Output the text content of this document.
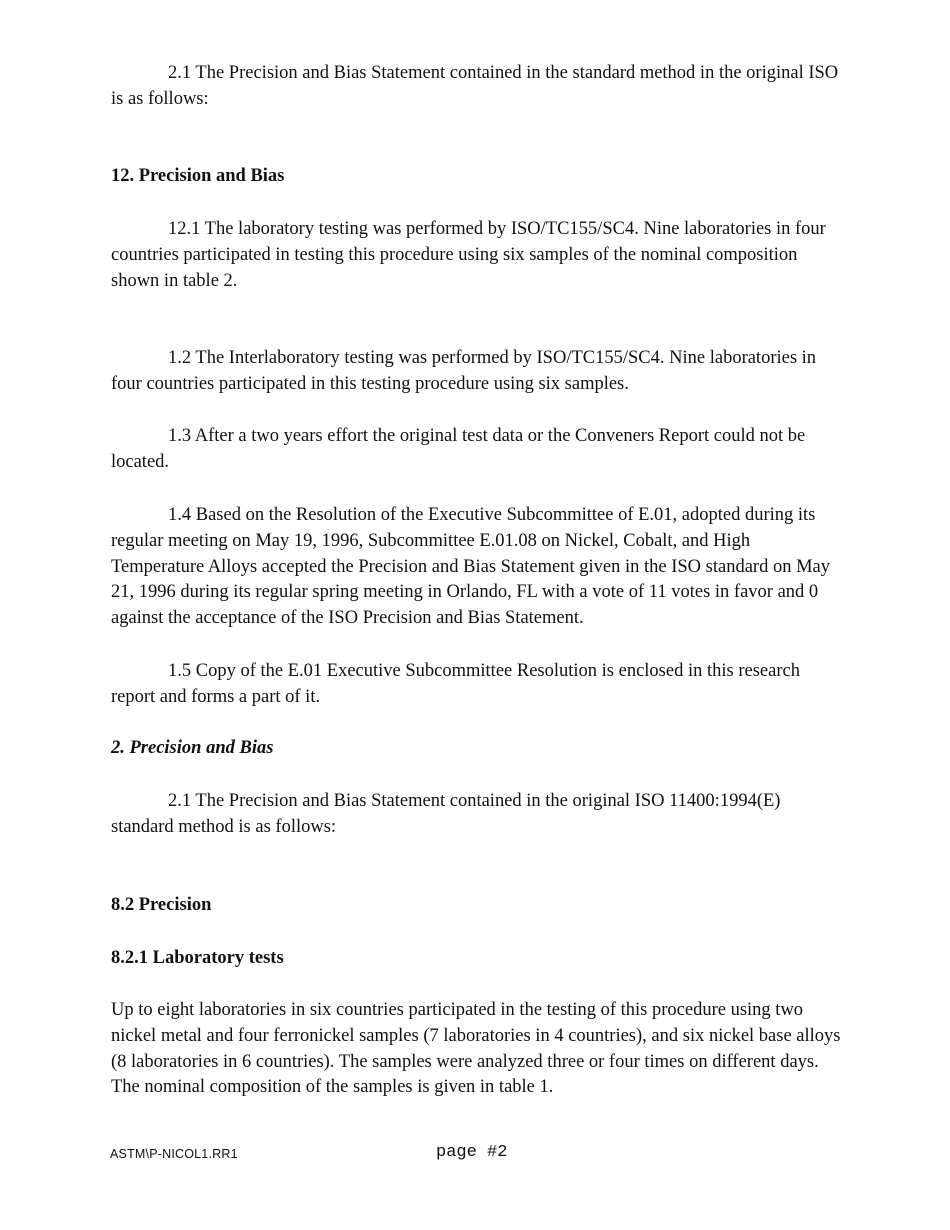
2.1 The Precision and Bias Statement contained in the standard method in the original ISO is as follows:

12. Precision and Bias

12.1 The laboratory testing was performed by ISO/TC155/SC4. Nine laboratories in four countries participated in testing this procedure using six samples of the nominal composition shown in table 2.

1.2 The Interlaboratory testing was performed by ISO/TC155/SC4. Nine laboratories in four countries participated in this testing procedure using six samples.

1.3 After a two years effort the original test data or the Conveners Report could not be located.

1.4 Based on the Resolution of the Executive Subcommittee of E.01, adopted during its regular meeting on May 19, 1996, Subcommittee E.01.08 on Nickel, Cobalt, and High Temperature Alloys accepted the Precision and Bias Statement given in the ISO standard on May 21, 1996 during its regular spring meeting in Orlando, FL with a vote of 11 votes in favor and 0 against the acceptance of the ISO Precision and Bias Statement.

1.5 Copy of the E.01 Executive Subcommittee Resolution is enclosed in this research report and forms a part of it.

2. Precision and Bias

2.1 The Precision and Bias Statement contained in the original ISO 11400:1994(E) standard method is as follows:

8.2 Precision

8.2.1 Laboratory tests

Up to eight laboratories in six countries participated in the testing of this procedure using two nickel metal and four ferronickel samples (7 laboratories in 4 countries), and six nickel base alloys (8 laboratories in 6 countries). The samples were analyzed three or four times on different days. The nominal composition of the samples is given in table 1.

ASTM\P-NICOL1.RR1	page #2
